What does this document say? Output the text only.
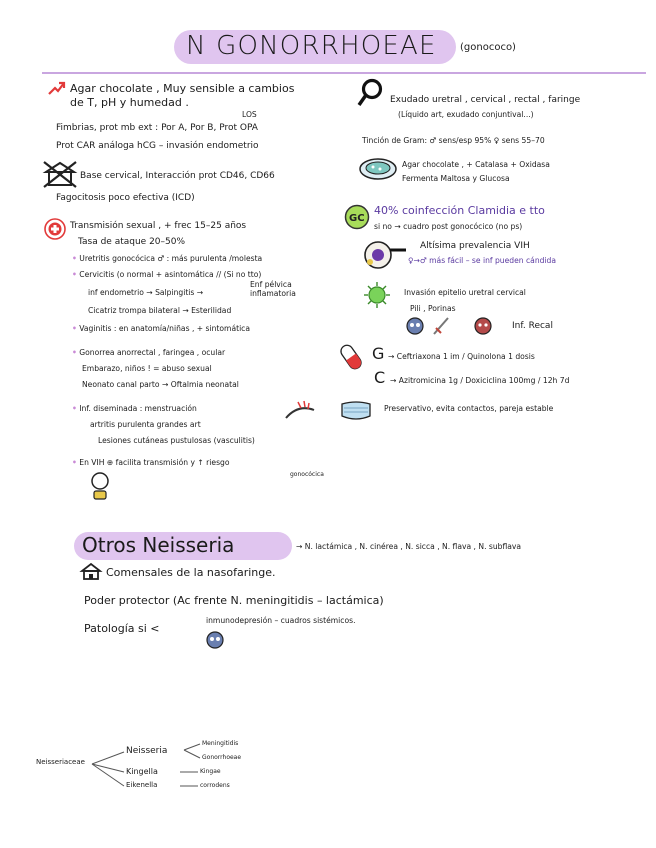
N GONORRHOEAE (gonococo)
Agar chocolate , Muy sensible a cambios de T, pH y humedad .
LOS
Fimbrias, prot mb ext : Por A, Por B, Prot OPA
Prot CAR análoga hCG – invasión endometrio
Base cervical, Interacción prot CD46, CD66
Fagocitosis poco efectiva (ICD)
Transmisión sexual , + frec 15–25 años
Tasa de ataque 20–50%
• Uretritis gonocócica ♂ : más purulenta /molesta
• Cervicitis (o normal + asintomática // (Si no tto)
inf endometrio → Salpingitis →
Enf pélvica inflamatoria
Cicatriz trompa bilateral → Esterilidad
• Vaginitis : en anatomía/niñas , + sintomática
• Gonorrea anorrectal , faringea , ocular
Embarazo, niños ! = abuso sexual
Neonato canal parto → Oftalmia neonatal
• Inf. diseminada : menstruación
artritis purulenta grandes art
Lesiones cutáneas pustulosas (vasculitis)
• En VIH ⊕ facilita transmisión y ↑ riesgo
gonocócica
Exudado uretral , cervical , rectal , faringe
(Líquido art, exudado conjuntival...)
Tinción de Gram: ♂ sens/esp 95% ♀ sens 55–70
Agar chocolate , + Catalasa + Oxidasa
Fermenta Maltosa y Glucosa
GC
40% coinfección Clamidia e tto
si no → cuadro post gonocócico (no ps)
Altísima prevalencia VIH
♀→♂ más fácil – se inf pueden cándida
Invasión epitelio uretral cervical
Pili , Porinas
Inf. Recal
G → Ceftriaxona 1 im / Quinolona 1 dosis
C → Azitromicina 1g / Doxiciclina 100mg / 12h 7d
Preservativo, evita contactos, pareja estable
Otros Neisseria	→ N. lactámica , N. cinérea , N. sicca , N. flava , N. subflava
Comensales de la nasofaringe.
Poder protector (Ac frente N. meningitidis – lactámica)
Patología si <
inmunodepresión – cuadros sistémicos.
Neisseriaceae
Neisseria
Kingella
Eikenella
Meningitidis
Gonorrhoeae
Kingae
corrodens
